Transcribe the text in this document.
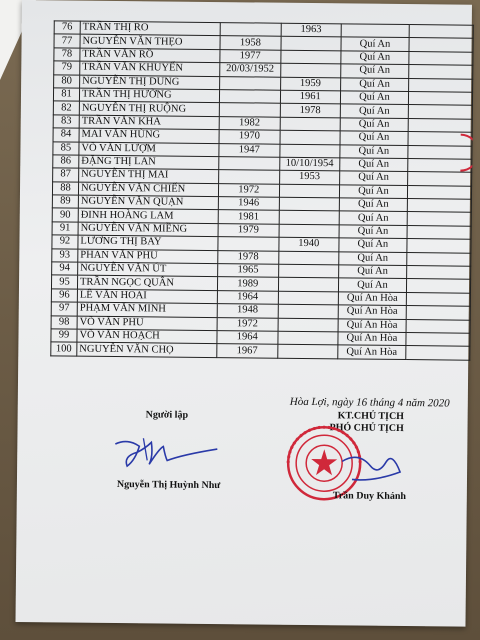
76	TRẦN THỊ RO		1963		
77	NGUYỄN VĂN THẸO	1958		Quí An	
78	TRẦN VĂN RỒ	1977		Quí An	
79	TRẦN VĂN KHUYẾN	20/03/1952		Quí An	
80	NGUYỄN THỊ DUNG		1959	Quí An	
81	TRẦN THỊ HƯỜNG		1961	Quí An	
82	NGUYỄN THỊ RUỘNG		1978	Quí An	
83	TRẦN VĂN KHA	1982		Quí An	
84	MAI VĂN HÙNG	1970		Quí An	
85	VÕ VĂN LƯỢM	1947		Quí An	
86	ĐẶNG THỊ LAN		10/10/1954	Quí An	
87	NGUYỄN THỊ MAI		1953	Quí An	
88	NGUYỄN VĂN CHIẾN	1972		Quí An	
89	NGUYỄN VĂN QUẠN	1946		Quí An	
90	ĐINH HOÀNG LAM	1981		Quí An	
91	NGUYỄN VĂN MIỀNG	1979		Quí An	
92	LƯƠNG THỊ BAY		1940	Quí An	
93	PHAN VĂN PHU	1978		Quí An	
94	NGUYỄN VĂN ÚT	1965		Quí An	
95	TRẦN NGỌC QUÂN	1989		Quí An	
96	LÊ VĂN HOAI	1964		Quí An Hòa	
97	PHẠM VĂN MINH	1948		Quí An Hòa	
98	VÕ VĂN PHU	1972		Quí An Hòa	
99	VÕ VĂN HOẠCH	1964		Quí An Hòa	
100	NGUYỄN VĂN CHỌ	1967		Quí An Hòa	
Hòa Lợi, ngày 16 tháng 4 năm 2020
KT.CHỦ TỊCH
PHÓ CHỦ TỊCH
Người lập
Nguyễn Thị Huỳnh Như
Trần Duy Khánh
